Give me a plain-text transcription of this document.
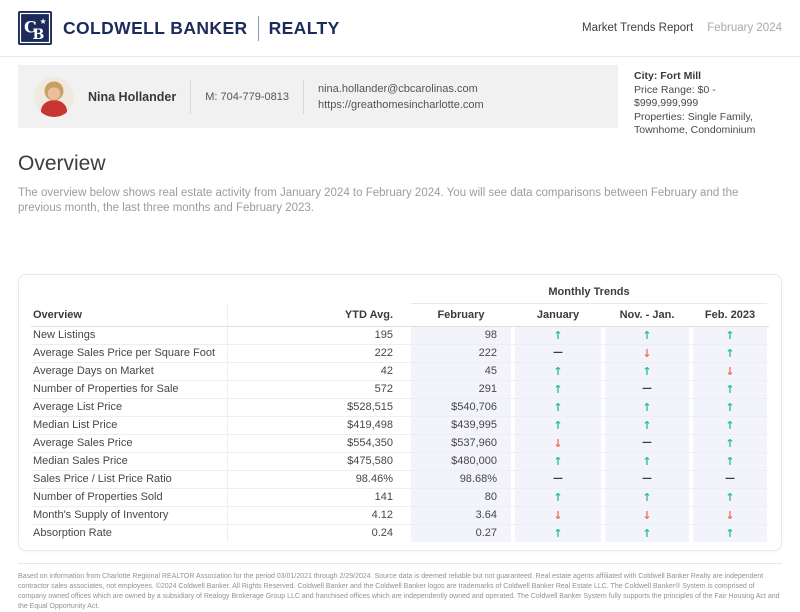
C
B
★ COLDWELL BANKER REALTY	Market Trends Report February 2024
Nina Hollander	M: 704-779-0813
nina.hollander@cbcarolinas.com
https://greathomesincharlotte.com
City: Fort Mill
Price Range: $0 - $999,999,999
Properties: Single Family, Townhome, Condominium
Overview

The overview below shows real estate activity from January 2024 to February 2024. You will see data comparisons between February and the previous month, the last three months and February 2023.

Monthly Trends
Overview	YTD Avg.	February	January	Nov. - Jan.	Feb. 2023
New Listings	195	98	↑	↑	↑
Average Sales Price per Square Foot	222	222	—	↓	↑
Average Days on Market	42	45	↑	↑	↓
Number of Properties for Sale	572	291	↑	—	↑
Average List Price	$528,515	$540,706	↑	↑	↑
Median List Price	$419,498	$439,995	↑	↑	↑
Average Sales Price	$554,350	$537,960	↓	—	↑
Median Sales Price	$475,580	$480,000	↑	↑	↑
Sales Price / List Price Ratio	98.46%	98.68%	—	—	—
Number of Properties Sold	141	80	↑	↑	↑
Month's Supply of Inventory	4.12	3.64	↓	↓	↓
Absorption Rate	0.24	0.27	↑	↑	↑

Based on information from Charlotte Regional REALTOR Association for the period 03/01/2021 through 2/29/2024. Source data is deemed reliable but not guaranteed. Real estate agents affiliated with Coldwell Banker Realty are independent contractor sales associates, not employees. ©2024 Coldwell Banker. All Rights Reserved. Coldwell Banker and the Coldwell Banker logos are trademarks of Coldwell Banker Real Estate LLC. The Coldwell Banker® System is comprised of company owned offices which are owned by a subsidiary of Realogy Brokerage Group LLC and franchised offices which are independently owned and operated. The Coldwell Banker System fully supports the principles of the Fair Housing Act and the Equal Opportunity Act.
